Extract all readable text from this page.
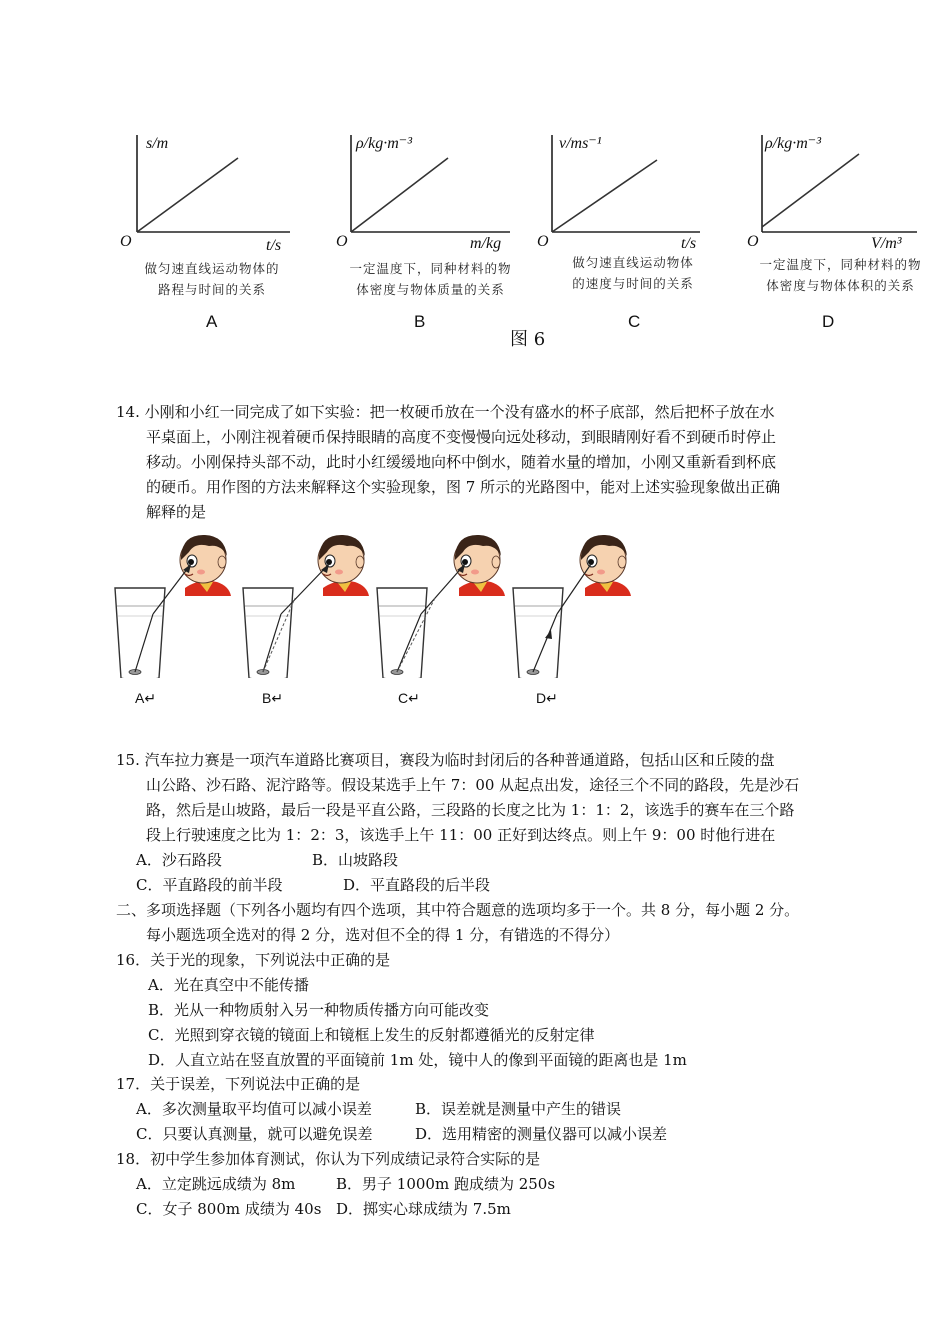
O
s/m
t/s	O
ρ/kg·m⁻³
m/kg O
v/ms⁻¹
t/s	O
ρ/kg·m⁻³
V/m³
做匀速直线运动物体的
路程与时间的关系
一定温度下，同种材料的物
体密度与物体质量的关系
做匀速直线运动物体
的速度与时间的关系
一定温度下，同种材料的物
体密度与物体体积的关系
A	B	C	D
图 6
14. 小刚和小红一同完成了如下实验：把一枚硬币放在一个没有盛水的杯子底部，然后把杯子放在水
平桌面上，小刚注视着硬币保持眼睛的高度不变慢慢向远处移动，到眼睛刚好看不到硬币时停止
移动。小刚保持头部不动，此时小红缓缓地向杯中倒水，随着水量的增加，小刚又重新看到杯底
的硬币。用作图的方法来解释这个实验现象，图 7 所示的光路图中，能对上述实验现象做出正确
解释的是
A↵	B↵	C↵	D↵
15. 汽车拉力赛是一项汽车道路比赛项目，赛段为临时封闭后的各种普通道路，包括山区和丘陵的盘
山公路、沙石路、泥泞路等。假设某选手上午 7：00 从起点出发，途径三个不同的路段，先是沙石
路，然后是山坡路，最后一段是平直公路，三段路的长度之比为 1：1：2，该选手的赛车在三个路
段上行驶速度之比为 1：2：3，该选手上午 11：00 正好到达终点。则上午 9：00 时他行进在
A．沙石路段	B．山坡路段
C．平直路段的前半段	D．平直路段的后半段
二、多项选择题（下列各小题均有四个选项，其中符合题意的选项均多于一个。共 8 分，每小题 2 分。
每小题选项全选对的得 2 分，选对但不全的得 1 分，有错选的不得分）
16．关于光的现象，下列说法中正确的是
A．光在真空中不能传播
B．光从一种物质射入另一种物质传播方向可能改变
C．光照到穿衣镜的镜面上和镜框上发生的反射都遵循光的反射定律
D．人直立站在竖直放置的平面镜前 1m 处，镜中人的像到平面镜的距离也是 1m
17．关于误差，下列说法中正确的是
A．多次测量取平均值可以减小误差	B．误差就是测量中产生的错误
C．只要认真测量，就可以避免误差	D．选用精密的测量仪器可以减小误差
18．初中学生参加体育测试，你认为下列成绩记录符合实际的是
A．立定跳远成绩为 8m	B．男子 1000m 跑成绩为 250s
C．女子 800m 成绩为 40s D．掷实心球成绩为 7.5m
